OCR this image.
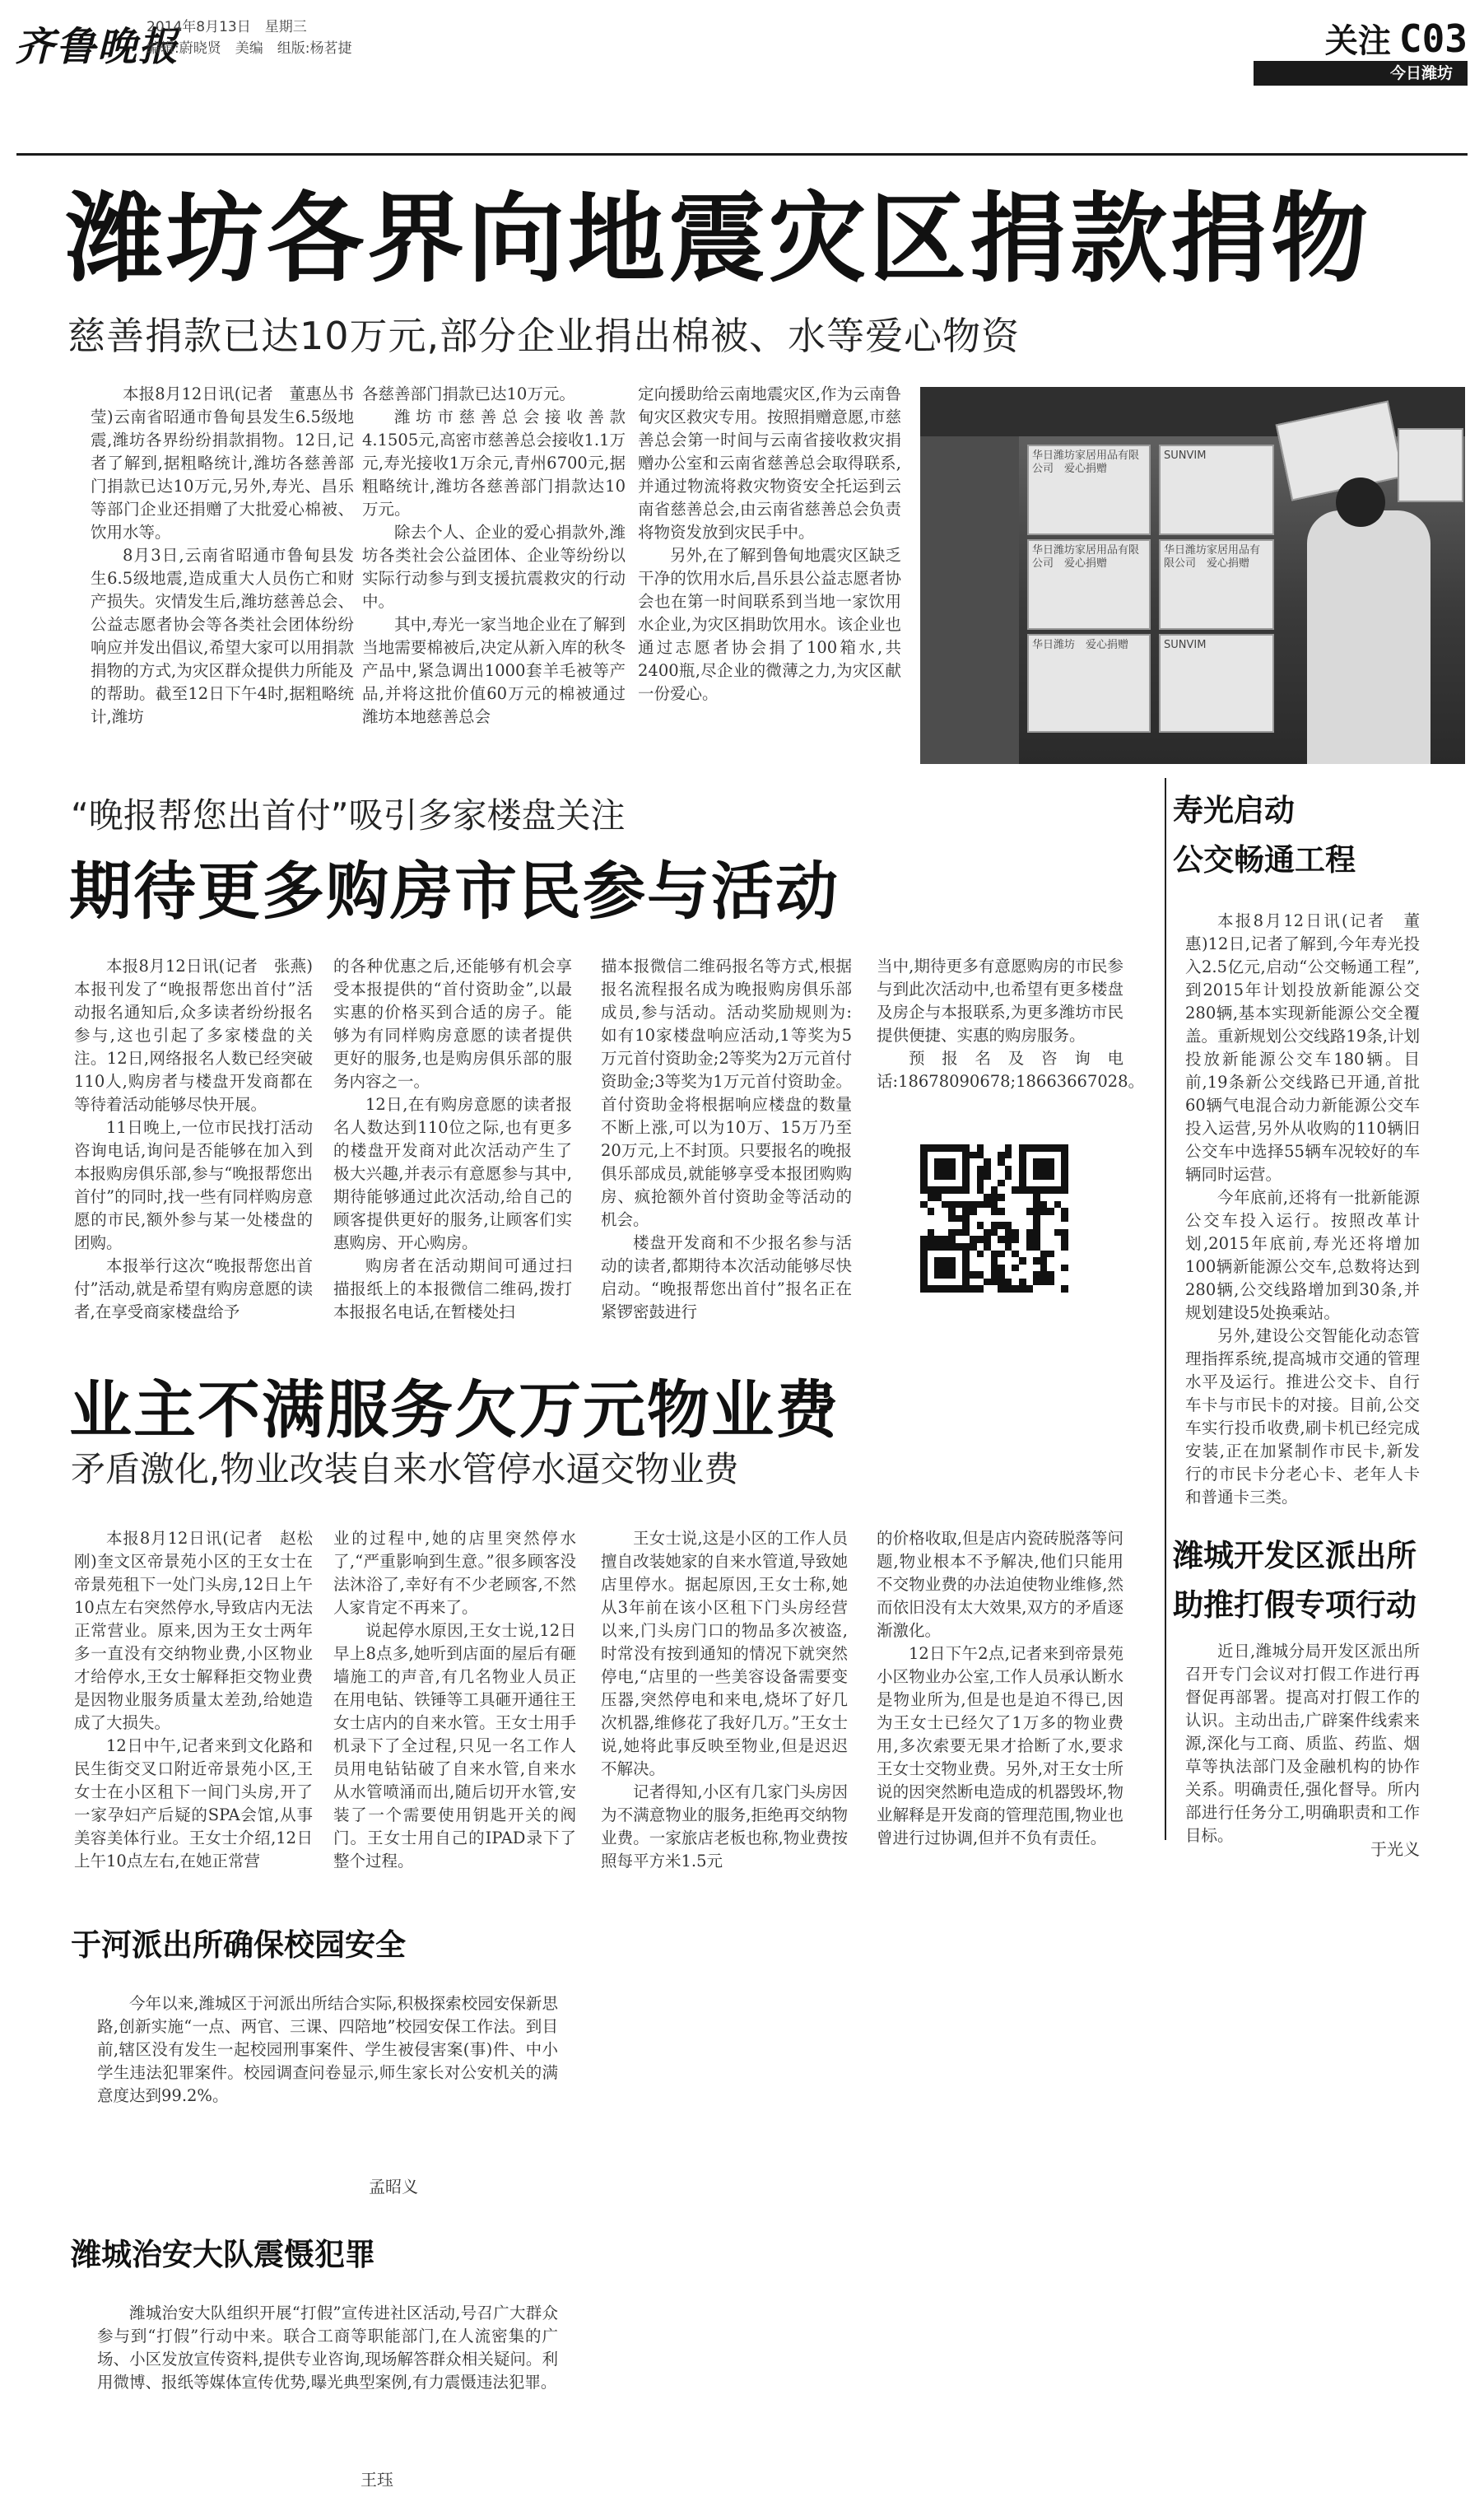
齐鲁晚报
2014年8月13日　星期三
编辑:蔚晓贤　美编　组版:杨茗捷	关注 C03
今日潍坊
潍坊各界向地震灾区捐款捐物
慈善捐款已达10万元,部分企业捐出棉被、水等爱心物资

本报8月12日讯(记者　董惠丛书莹)云南省昭通市鲁甸县发生6.5级地震,潍坊各界纷纷捐款捐物。12日,记者了解到,据粗略统计,潍坊各慈善部门捐款已达10万元,另外,寿光、昌乐等部门企业还捐赠了大批爱心棉被、饮用水等。

8月3日,云南省昭通市鲁甸县发生6.5级地震,造成重大人员伤亡和财产损失。灾情发生后,潍坊慈善总会、公益志愿者协会等各类社会团体纷纷响应并发出倡议,希望大家可以用捐款捐物的方式,为灾区群众提供力所能及的帮助。截至12日下午4时,据粗略统计,潍坊

各慈善部门捐款已达10万元。

潍坊市慈善总会接收善款4.1505元,高密市慈善总会接收1.1万元,寿光接收1万余元,青州6700元,据粗略统计,潍坊各慈善部门捐款达10万元。

除去个人、企业的爱心捐款外,潍坊各类社会公益团体、企业等纷纷以实际行动参与到支援抗震救灾的行动中。

其中,寿光一家当地企业在了解到当地需要棉被后,决定从新入库的秋冬产品中,紧急调出1000套羊毛被等产品,并将这批价值60万元的棉被通过潍坊本地慈善总会

定向援助给云南地震灾区,作为云南鲁甸灾区救灾专用。按照捐赠意愿,市慈善总会第一时间与云南省接收救灾捐赠办公室和云南省慈善总会取得联系,并通过物流将救灾物资安全托运到云南省慈善总会,由云南省慈善总会负责将物资发放到灾民手中。

另外,在了解到鲁甸地震灾区缺乏干净的饮用水后,昌乐县公益志愿者协会也在第一时间联系到当地一家饮用水企业,为灾区捐助饮用水。该企业也通过志愿者协会捐了100箱水,共2400瓶,尽企业的微薄之力,为灾区献一份爱心。

华日潍坊家居用品有限公司　爱心捐赠
华日潍坊家居用品有限公司　爱心捐赠
华日潍坊　爱心捐赠
SUNVIM
华日潍坊家居用品有限公司　爱心捐赠
SUNVIM
“晚报帮您出首付”吸引多家楼盘关注
期待更多购房市民参与活动

本报8月12日讯(记者　张燕)本报刊发了“晚报帮您出首付”活动报名通知后,众多读者纷纷报名参与,这也引起了多家楼盘的关注。12日,网络报名人数已经突破110人,购房者与楼盘开发商都在等待着活动能够尽快开展。

11日晚上,一位市民找打活动咨询电话,询问是否能够在加入到本报购房俱乐部,参与“晚报帮您出首付”的同时,找一些有同样购房意愿的市民,额外参与某一处楼盘的团购。

本报举行这次“晚报帮您出首付”活动,就是希望有购房意愿的读者,在享受商家楼盘给予

的各种优惠之后,还能够有机会享受本报提供的“首付资助金”,以最实惠的价格买到合适的房子。能够为有同样购房意愿的读者提供更好的服务,也是购房俱乐部的服务内容之一。

12日,在有购房意愿的读者报名人数达到110位之际,也有更多的楼盘开发商对此次活动产生了极大兴趣,并表示有意愿参与其中,期待能够通过此次活动,给自己的顾客提供更好的服务,让顾客们实惠购房、开心购房。

购房者在活动期间可通过扫描报纸上的本报微信二维码,拨打本报报名电话,在暂楼处扫

描本报微信二维码报名等方式,根据报名流程报名成为晚报购房俱乐部成员,参与活动。活动奖励规则为:如有10家楼盘响应活动,1等奖为5万元首付资助金;2等奖为2万元首付资助金;3等奖为1万元首付资助金。首付资助金将根据响应楼盘的数量不断上涨,可以为10万、15万乃至20万元,上不封顶。只要报名的晚报俱乐部成员,就能够享受本报团购购房、疯抢额外首付资助金等活动的机会。

楼盘开发商和不少报名参与活动的读者,都期待本次活动能够尽快启动。“晚报帮您出首付”报名正在紧锣密鼓进行

当中,期待更多有意愿购房的市民参与到此次活动中,也希望有更多楼盘及房企与本报联系,为更多潍坊市民提供便捷、实惠的购房服务。

预报名及咨询电话:18678090678;18663667028。

业主不满服务欠万元物业费
矛盾激化,物业改装自来水管停水逼交物业费

本报8月12日讯(记者　赵松刚)奎文区帝景苑小区的王女士在帝景苑租下一处门头房,12日上午10点左右突然停水,导致店内无法正常营业。原来,因为王女士两年多一直没有交纳物业费,小区物业才给停水,王女士解释拒交物业费是因物业服务质量太差劲,给她造成了大损失。

12日中午,记者来到文化路和民生街交叉口附近帝景苑小区,王女士在小区租下一间门头房,开了一家孕妇产后疑的SPA会馆,从事美容美体行业。王女士介绍,12日上午10点左右,在她正常营

业的过程中,她的店里突然停水了,“严重影响到生意。”很多顾客没法沐浴了,幸好有不少老顾客,不然人家肯定不再来了。

说起停水原因,王女士说,12日早上8点多,她听到店面的屋后有砸墙施工的声音,有几名物业人员正在用电钻、铁锤等工具砸开通往王女士店内的自来水管。王女士用手机录下了全过程,只见一名工作人员用电钻钻破了自来水管,自来水从水管喷涌而出,随后切开水管,安装了一个需要使用钥匙开关的阀门。王女士用自己的IPAD录下了整个过程。

王女士说,这是小区的工作人员擅自改装她家的自来水管道,导致她店里停水。据起原因,王女士称,她从3年前在该小区租下门头房经营以来,门头房门口的物品多次被盗,时常没有按到通知的情况下就突然停电,“店里的一些美容设备需要变压器,突然停电和来电,烧坏了好几次机器,维修花了我好几万。”王女士说,她将此事反映至物业,但是迟迟不解决。

记者得知,小区有几家门头房因为不满意物业的服务,拒绝再交纳物业费。一家旅店老板也称,物业费按照每平方米1.5元

的价格收取,但是店内瓷砖脱落等问题,物业根本不予解决,他们只能用不交物业费的办法迫使物业维修,然而依旧没有太大效果,双方的矛盾逐渐激化。

12日下午2点,记者来到帝景苑小区物业办公室,工作人员承认断水是物业所为,但是也是迫不得已,因为王女士已经欠了1万多的物业费用,多次索要无果才拾断了水,要求王女士交物业费。另外,对王女士所说的因突然断电造成的机器毁坏,物业解释是开发商的管理范围,物业也曾进行过协调,但并不负有责任。

寿光启动
公交畅通工程

本报8月12日讯(记者　董惠)12日,记者了解到,今年寿光投入2.5亿元,启动“公交畅通工程”,到2015年计划投放新能源公交280辆,基本实现新能源公交全覆盖。重新规划公交线路19条,计划投放新能源公交车180辆。目前,19条新公交线路已开通,首批60辆气电混合动力新能源公交车投入运营,另外从收购的110辆旧公交车中选择55辆车况较好的车辆同时运营。

今年底前,还将有一批新能源公交车投入运行。按照改革计划,2015年底前,寿光还将增加100辆新能源公交车,总数将达到280辆,公交线路增加到30条,并规划建设5处换乘站。

另外,建设公交智能化动态管理指挥系统,提高城市交通的管理水平及运行。推进公交卡、自行车卡与市民卡的对接。目前,公交车实行投币收费,刷卡机已经完成安装,正在加紧制作市民卡,新发行的市民卡分老心卡、老年人卡和普通卡三类。

潍城开发区派出所
助推打假专项行动

近日,潍城分局开发区派出所召开专门会议对打假工作进行再督促再部署。提高对打假工作的认识。主动出击,广辟案件线索来源,深化与工商、质监、药监、烟草等执法部门及金融机构的协作关系。明确责任,强化督导。所内部进行任务分工,明确职责和工作目标。

于光义
于河派出所确保校园安全

今年以来,潍城区于河派出所结合实际,积极探索校园安保新思路,创新实施“一点、两官、三课、四陪地”校园安保工作法。到目前,辖区没有发生一起校园刑事案件、学生被侵害案(事)件、中小学生违法犯罪案件。校园调查问卷显示,师生家长对公安机关的满意度达到99.2%。

孟昭义
潍城治安大队震慑犯罪

潍城治安大队组织开展“打假”宣传进社区活动,号召广大群众参与到“打假”行动中来。联合工商等职能部门,在人流密集的广场、小区发放宣传资料,提供专业咨询,现场解答群众相关疑问。利用微博、报纸等媒体宣传优势,曝光典型案例,有力震慑违法犯罪。

王珏
